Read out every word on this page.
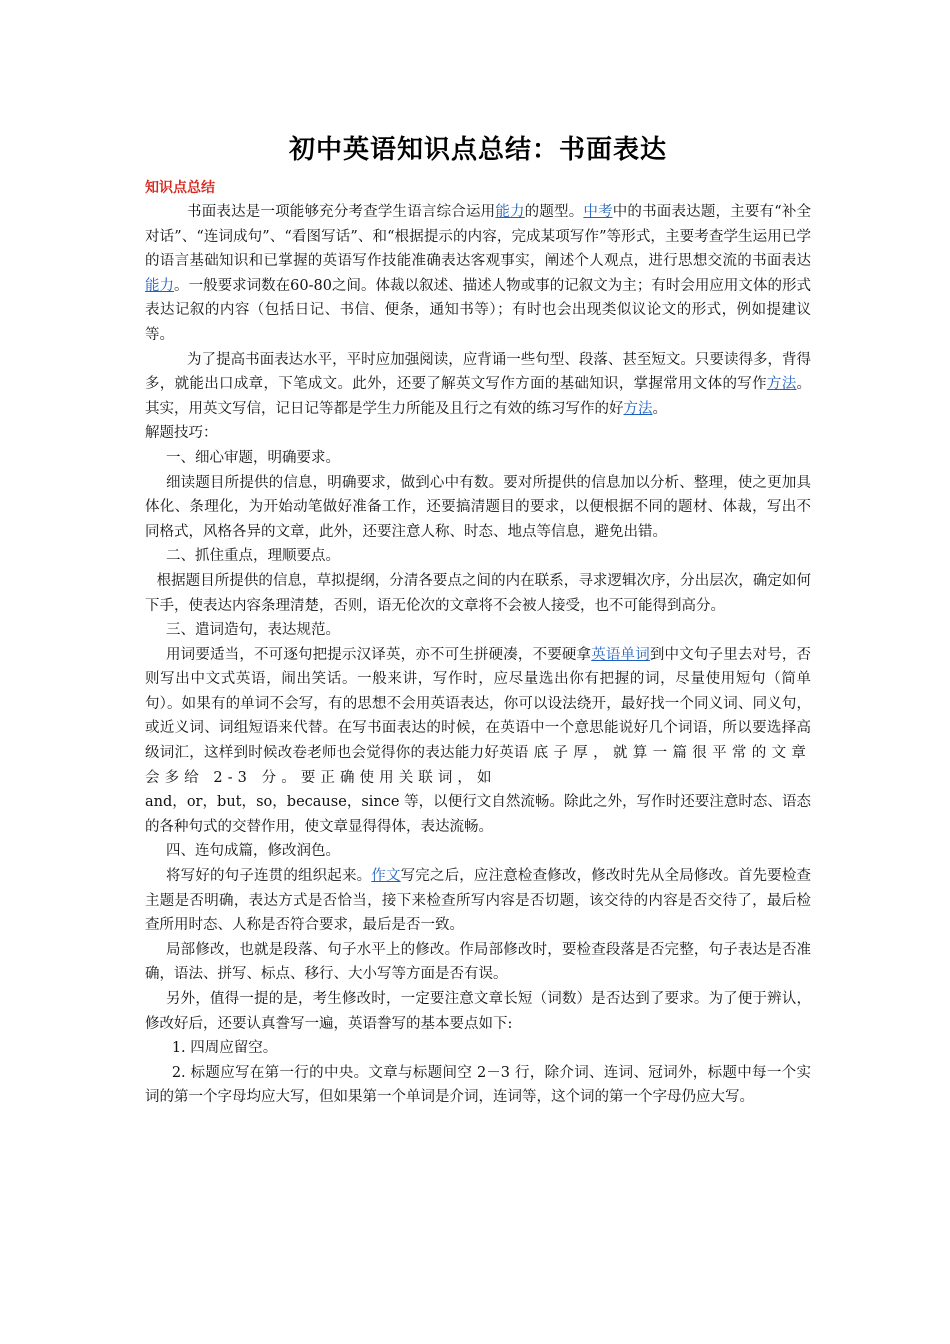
初中英语知识点总结：书面表达
知识点总结

书面表达是一项能够充分考查学生语言综合运用能力的题型。中考中的书面表达题，主要有“补全对话”、“连词成句”、“看图写话”、和“根据提示的内容，完成某项写作”等形式，主要考查学生运用已学的语言基础知识和已掌握的英语写作技能准确表达客观事实，阐述个人观点，进行思想交流的书面表达能力。一般要求词数在60-80之间。体裁以叙述、描述人物或事的记叙文为主；有时会用应用文体的形式表达记叙的内容（包括日记、书信、便条，通知书等）；有时也会出现类似议论文的形式，例如提建议等。

为了提高书面表达水平，平时应加强阅读，应背诵一些句型、段落、甚至短文。只要读得多，背得多，就能出口成章，下笔成文。此外，还要了解英文写作方面的基础知识，掌握常用文体的写作方法。其实，用英文写信，记日记等都是学生力所能及且行之有效的练习写作的好方法。

解题技巧：

一、细心审题，明确要求。

细读题目所提供的信息，明确要求，做到心中有数。要对所提供的信息加以分析、整理，使之更加具体化、条理化，为开始动笔做好准备工作，还要搞清题目的要求，以便根据不同的题材、体裁，写出不同格式，风格各异的文章，此外，还要注意人称、时态、地点等信息，避免出错。

二、抓住重点，理顺要点。

根据题目所提供的信息，草拟提纲，分清各要点之间的内在联系，寻求逻辑次序，分出层次，确定如何下手，使表达内容条理清楚，否则，语无伦次的文章将不会被人接受，也不可能得到高分。

三、遣词造句，表达规范。

用词要适当，不可逐句把提示汉译英，亦不可生拼硬凑，不要硬拿英语单词到中文句子里去对号，否则写出中文式英语，闹出笑话。一般来讲，写作时，应尽量选出你有把握的词，尽量使用短句（简单句）。如果有的单词不会写，有的思想不会用英语表达，你可以设法绕开，最好找一个同义词、同义句，或近义词、词组短语来代替。在写书面表达的时候，在英语中一个意思能说好几个词语，所以要选择高级词汇，这样到时候改卷老师也会觉得你的表达能力好英语底子厚，就算一篇很平常的文章会多给 2-3 分。要正确使用关联词，如
and，or，but，so，because，since 等，以便行文自然流畅。除此之外，写作时还要注意时态、语态的各种句式的交替作用，使文章显得得体，表达流畅。

四、连句成篇，修改润色。

将写好的句子连贯的组织起来。作文写完之后，应注意检查修改，修改时先从全局修改。首先要检查主题是否明确，表达方式是否恰当，接下来检查所写内容是否切题，该交待的内容是否交待了，最后检查所用时态、人称是否符合要求，最后是否一致。

局部修改，也就是段落、句子水平上的修改。作局部修改时，要检查段落是否完整，句子表达是否准确，语法、拼写、标点、移行、大小写等方面是否有误。

另外，值得一提的是，考生修改时，一定要注意文章长短（词数）是否达到了要求。为了便于辨认，修改好后，还要认真誊写一遍，英语誊写的基本要点如下:

1. 四周应留空。

2. 标题应写在第一行的中央。文章与标题间空 2－3 行，除介词、连词、冠词外，标题中每一个实词的第一个字母均应大写，但如果第一个单词是介词，连词等，这个词的第一个字母仍应大写。
